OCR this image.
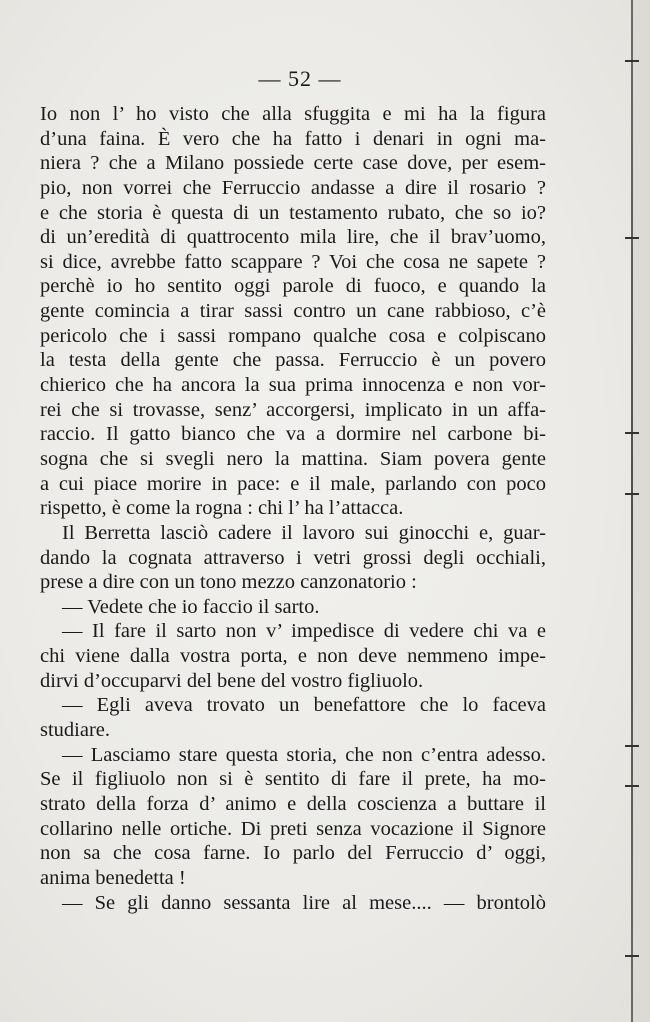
— 52 —
Io non l’ ho visto che alla sfuggita e mi ha la figura
d’una faina. È vero che ha fatto i denari in ogni ma-
niera ? che a Milano possiede certe case dove, per esem-
pio, non vorrei che Ferruccio andasse a dire il rosario ?
e che storia è questa di un testamento rubato, che so io?
di un’eredità di quattrocento mila lire, che il brav’uomo,
si dice, avrebbe fatto scappare ? Voi che cosa ne sapete ?
perchè io ho sentito oggi parole di fuoco, e quando la
gente comincia a tirar sassi contro un cane rabbioso, c’è
pericolo che i sassi rompano qualche cosa e colpiscano
la testa della gente che passa. Ferruccio è un povero
chierico che ha ancora la sua prima innocenza e non vor-
rei che si trovasse, senz’ accorgersi, implicato in un affa-
raccio. Il gatto bianco che va a dormire nel carbone bi-
sogna che si svegli nero la mattina. Siam povera gente
a cui piace morire in pace: e il male, parlando con poco
rispetto, è come la rogna : chi l’ ha l’attacca.
Il Berretta lasciò cadere il lavoro sui ginocchi e, guar-
dando la cognata attraverso i vetri grossi degli occhiali,
prese a dire con un tono mezzo canzonatorio :
— Vedete che io faccio il sarto.
— Il fare il sarto non v’ impedisce di vedere chi va e
chi viene dalla vostra porta, e non deve nemmeno impe-
dirvi d’occuparvi del bene del vostro figliuolo.
— Egli aveva trovato un benefattore che lo faceva
studiare.
— Lasciamo stare questa storia, che non c’entra adesso.
Se il figliuolo non si è sentito di fare il prete, ha mo-
strato della forza d’ animo e della coscienza a buttare il
collarino nelle ortiche. Di preti senza vocazione il Signore
non sa che cosa farne. Io parlo del Ferruccio d’ oggi,
anima benedetta !
— Se gli danno sessanta lire al mese.... — brontolò
